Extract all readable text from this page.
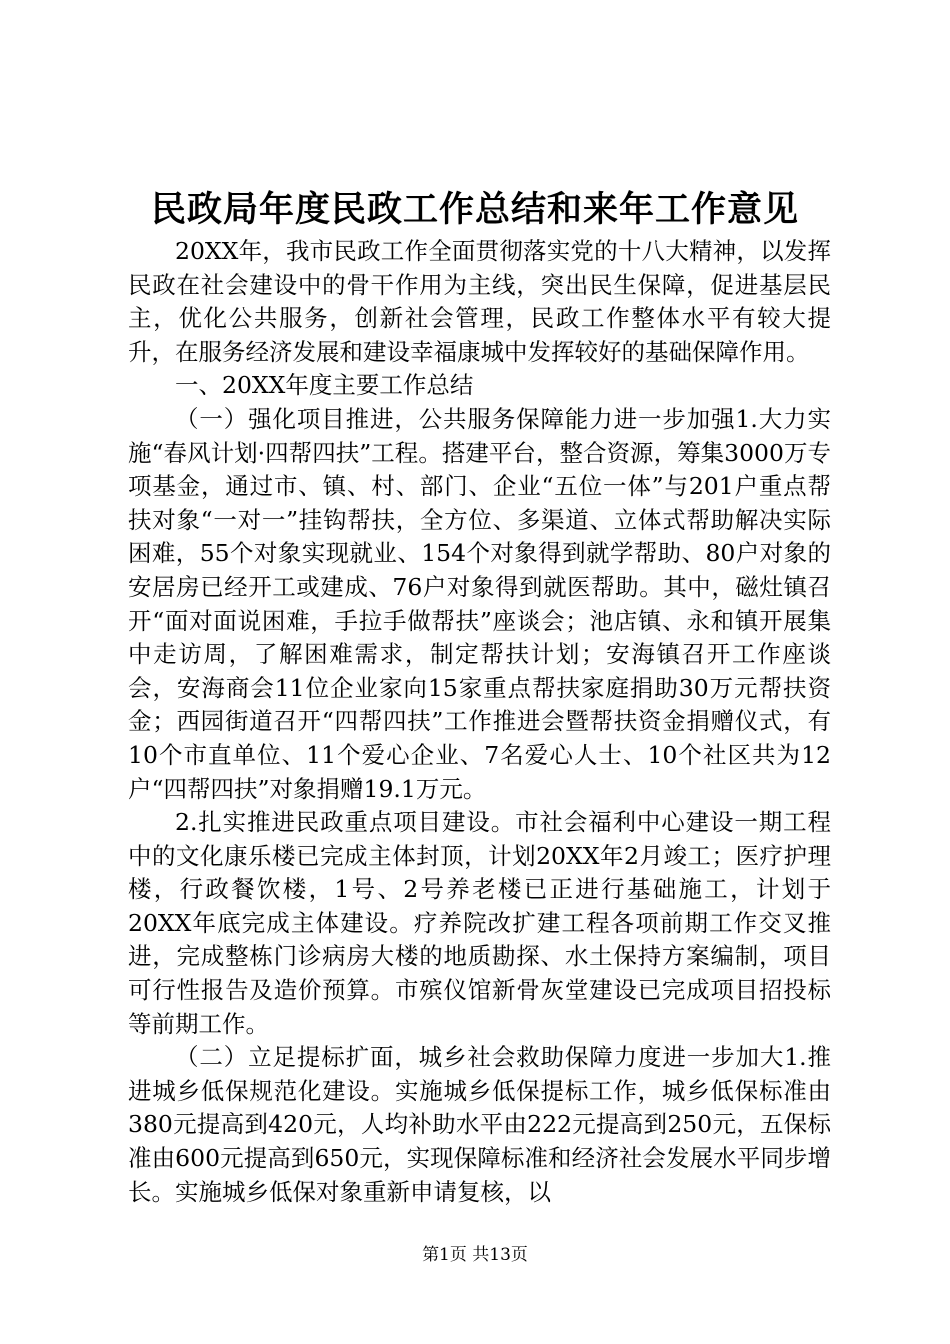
民政局年度民政工作总结和来年工作意见

20XX年，我市民政工作全面贯彻落实党的十八大精神，以发挥民政在社会建设中的骨干作用为主线，突出民生保障，促进基层民主，优化公共服务，创新社会管理，民政工作整体水平有较大提升，在服务经济发展和建设幸福康城中发挥较好的基础保障作用。

一、20XX年度主要工作总结

（一）强化项目推进，公共服务保障能力进一步加强1.大力实施“春风计划·四帮四扶”工程。搭建平台，整合资源，筹集3000万专项基金，通过市、镇、村、部门、企业“五位一体”与201户重点帮扶对象“一对一”挂钩帮扶，全方位、多渠道、立体式帮助解决实际困难，55个对象实现就业、154个对象得到就学帮助、80户对象的安居房已经开工或建成、76户对象得到就医帮助。其中，磁灶镇召开“面对面说困难，手拉手做帮扶”座谈会；池店镇、永和镇开展集中走访周，了解困难需求，制定帮扶计划；安海镇召开工作座谈会，安海商会11位企业家向15家重点帮扶家庭捐助30万元帮扶资金；西园街道召开“四帮四扶”工作推进会暨帮扶资金捐赠仪式，有10个市直单位、11个爱心企业、7名爱心人士、10个社区共为12户“四帮四扶”对象捐赠19.1万元。

2.扎实推进民政重点项目建设。市社会福利中心建设一期工程中的文化康乐楼已完成主体封顶，计划20XX年2月竣工；医疗护理楼，行政餐饮楼，1号、2号养老楼已正进行基础施工，计划于20XX年底完成主体建设。疗养院改扩建工程各项前期工作交叉推进，完成整栋门诊病房大楼的地质勘探、水土保持方案编制，项目可行性报告及造价预算。市殡仪馆新骨灰堂建设已完成项目招投标等前期工作。

（二）立足提标扩面，城乡社会救助保障力度进一步加大1.推进城乡低保规范化建设。实施城乡低保提标工作，城乡低保标准由380元提高到420元，人均补助水平由222元提高到250元，五保标准由600元提高到650元，实现保障标准和经济社会发展水平同步增长。实施城乡低保对象重新申请复核，以

第1页 共13页
